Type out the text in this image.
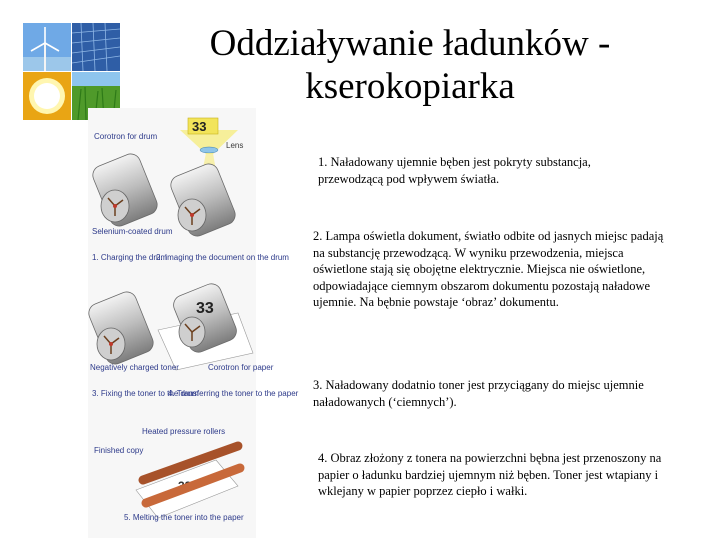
Oddziaływanie ładunków - kserokopiarka
33
33
Corotron for drum
Lens
Selenium-coated drum
1. Charging the drum
2. Imaging the document on the drum
Negatively charged toner	Corotron for paper
3. Fixing the toner to the drum
4. Transferring the toner to the paper
Heated pressure rollers
Finished copy
5. Melting the toner into the paper

1. Naładowany ujemnie bęben jest pokryty substancja, przewodzącą pod wpływem światła.

2. Lampa oświetla dokument, światło odbite od jasnych miejsc padają na substancję przewodzącą. W wyniku przewodzenia, miejsca oświetlone stają się obojętne elektrycznie. Miejsca nie oświetlone, odpowiadające ciemnym obszarom dokumentu pozostają naładowe ujemnie. Na bębnie powstaje ‘obraz’ dokumentu.

3. Naładowany dodatnio toner jest przyciągany do miejsc ujemnie naładowanych (‘ciemnych’).

4. Obraz złożony z tonera na powierzchni bębna jest przenoszony na papier o ładunku bardziej ujemnym niż bęben. Toner jest wtapiany i wklejany w papier poprzez ciepło i wałki.
